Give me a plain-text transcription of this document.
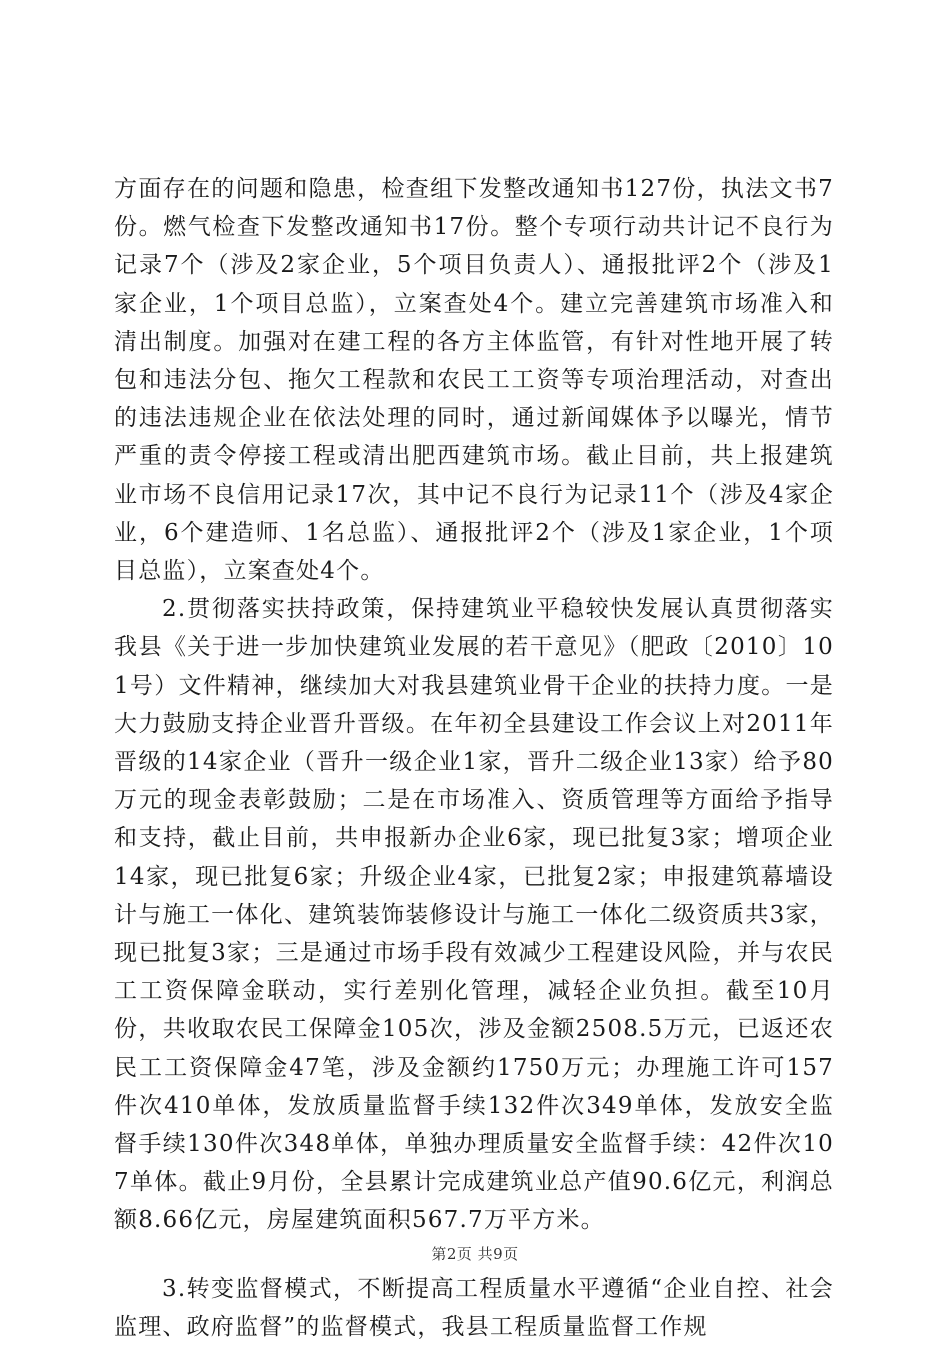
方面存在的问题和隐患，检查组下发整改通知书127份，执法文书7份。燃气检查下发整改通知书17份。整个专项行动共计记不良行为记录7个（涉及2家企业，5个项目负责人）、通报批评2个（涉及1家企业，1个项目总监），立案查处4个。建立完善建筑市场准入和清出制度。加强对在建工程的各方主体监管，有针对性地开展了转包和违法分包、拖欠工程款和农民工工资等专项治理活动，对查出的违法违规企业在依法处理的同时，通过新闻媒体予以曝光，情节严重的责令停接工程或清出肥西建筑市场。截止目前，共上报建筑业市场不良信用记录17次，其中记不良行为记录11个（涉及4家企业，6个建造师、1名总监）、通报批评2个（涉及1家企业，1个项目总监），立案查处4个。

2.贯彻落实扶持政策，保持建筑业平稳较快发展认真贯彻落实我县《关于进一步加快建筑业发展的若干意见》（肥政〔2010〕101号）文件精神，继续加大对我县建筑业骨干企业的扶持力度。一是大力鼓励支持企业晋升晋级。在年初全县建设工作会议上对2011年晋级的14家企业（晋升一级企业1家，晋升二级企业13家）给予80万元的现金表彰鼓励；二是在市场准入、资质管理等方面给予指导和支持，截止目前，共申报新办企业6家，现已批复3家；增项企业14家，现已批复6家；升级企业4家，已批复2家；申报建筑幕墙设计与施工一体化、建筑装饰装修设计与施工一体化二级资质共3家，现已批复3家；三是通过市场手段有效减少工程建设风险，并与农民工工资保障金联动，实行差别化管理，减轻企业负担。截至10月份，共收取农民工保障金105次，涉及金额2508.5万元，已返还农民工工资保障金47笔，涉及金额约1750万元；办理施工许可157件次410单体，发放质量监督手续132件次349单体，发放安全监督手续130件次348单体，单独办理质量安全监督手续：42件次107单体。截止9月份，全县累计完成建筑业总产值90.6亿元，利润总额8.66亿元，房屋建筑面积567.7万平方米。

3.转变监督模式，不断提高工程质量水平遵循“企业自控、社会监理、政府监督”的监督模式，我县工程质量监督工作规

第2页 共9页
